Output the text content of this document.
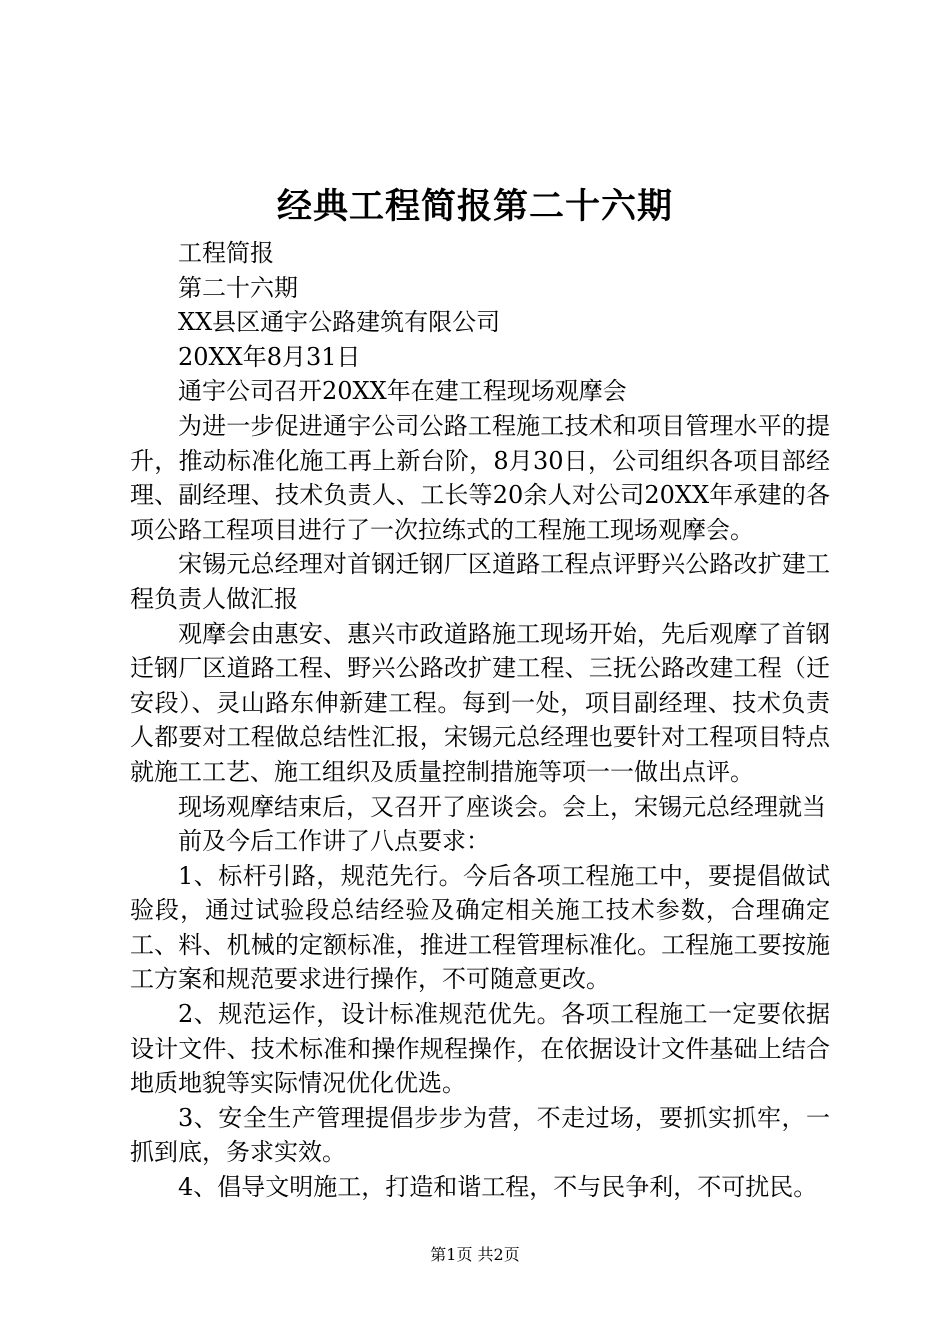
经典工程简报第二十六期

工程简报

第二十六期

XX县区通宇公路建筑有限公司

20XX年8月31日

通宇公司召开20XX年在建工程现场观摩会

为进一步促进通宇公司公路工程施工技术和项目管理水平的提升，推动标准化施工再上新台阶，8月30日，公司组织各项目部经理、副经理、技术负责人、工长等20余人对公司20XX年承建的各项公路工程项目进行了一次拉练式的工程施工现场观摩会。

宋锡元总经理对首钢迁钢厂区道路工程点评野兴公路改扩建工程负责人做汇报

观摩会由惠安、惠兴市政道路施工现场开始，先后观摩了首钢迁钢厂区道路工程、野兴公路改扩建工程、三抚公路改建工程（迁安段）、灵山路东伸新建工程。每到一处，项目副经理、技术负责人都要对工程做总结性汇报，宋锡元总经理也要针对工程项目特点就施工工艺、施工组织及质量控制措施等项一一做出点评。

现场观摩结束后，又召开了座谈会。会上，宋锡元总经理就当

前及今后工作讲了八点要求：

1、标杆引路，规范先行。今后各项工程施工中，要提倡做试验段，通过试验段总结经验及确定相关施工技术参数，合理确定工、料、机械的定额标准，推进工程管理标准化。工程施工要按施工方案和规范要求进行操作，不可随意更改。

2、规范运作，设计标准规范优先。各项工程施工一定要依据设计文件、技术标准和操作规程操作，在依据设计文件基础上结合地质地貌等实际情况优化优选。

3、安全生产管理提倡步步为营，不走过场，要抓实抓牢，一抓到底，务求实效。

4、倡导文明施工，打造和谐工程，不与民争利，不可扰民。

第1页 共2页
